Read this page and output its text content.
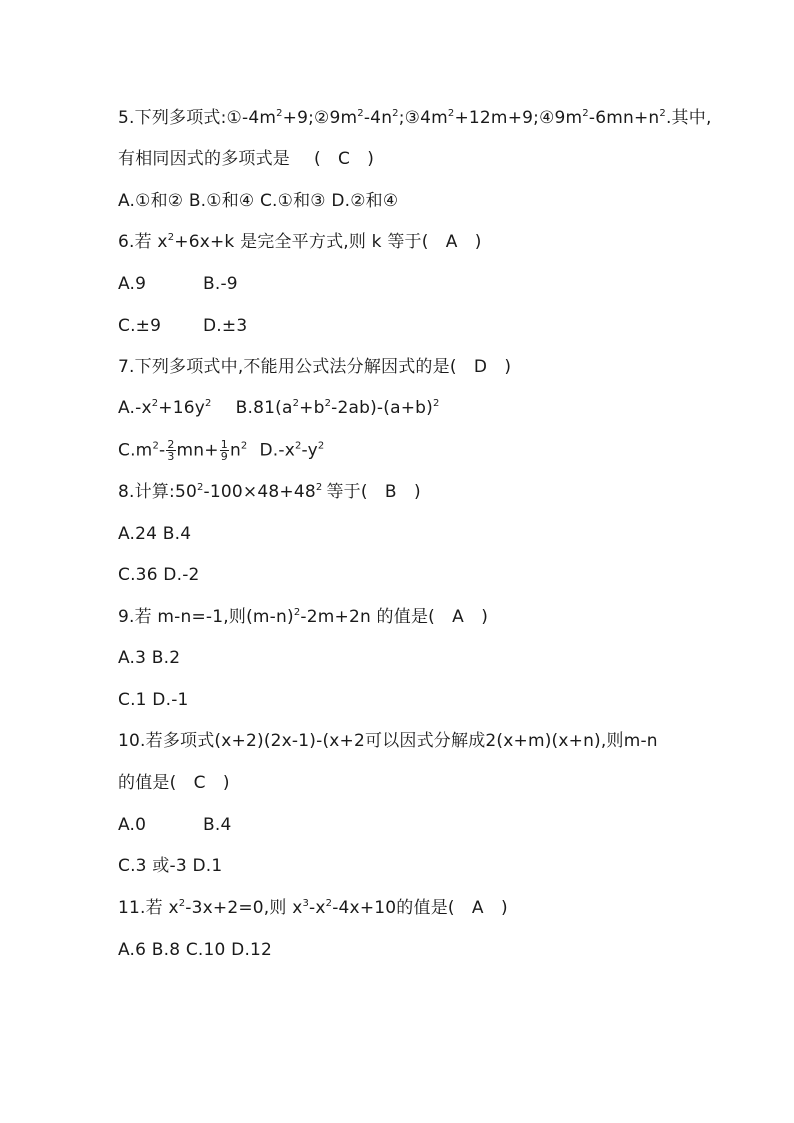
5.下列多项式$:①-4m^2+9;②9m^2-4n^2;③4m^2+12m+9;④9m^2-6mn+n^2$.其中,
有相同因式的多项式是 (　C　)
A.①和② B.①和④ C.①和③ D.②和④
6.若 $x^2+6x+k$ 是完全平方式,则 k 等于(　A　)
A.9	B.-9
C.±9 D.±3
7.下列多项式中,不能用公式法分解因式的是(　D　)
$A.-x^2+16y^2$ $B.81(a^2+b^2-2ab)-(a+b)^2$
$C.m^2- \frac{2}{3} mn+ \frac{1}{9} n^2$ $D.-x^2-y^2$
8.计算$:50^2-100\times 48+48^2$ 等于(　B　)
A.24 B.4
C.36 D.-2
9.若 m-n=-1,则$(m-n)^2-2m+2n$ 的值是(　A　)
A.3 B.2
C.1 D.-1
10.若多项式(x+2)(2x-1)-(x+2可以因式分解成2(x+m)(x+n),则m-n
的值是(　C　)
A.0	B.4
C.3 或-3 D.1
11.若 $x^2-3x+2=0$,则 $x^3-x^2-4x+10$的值是(　A　)
A.6 B.8 C.10 D.12
